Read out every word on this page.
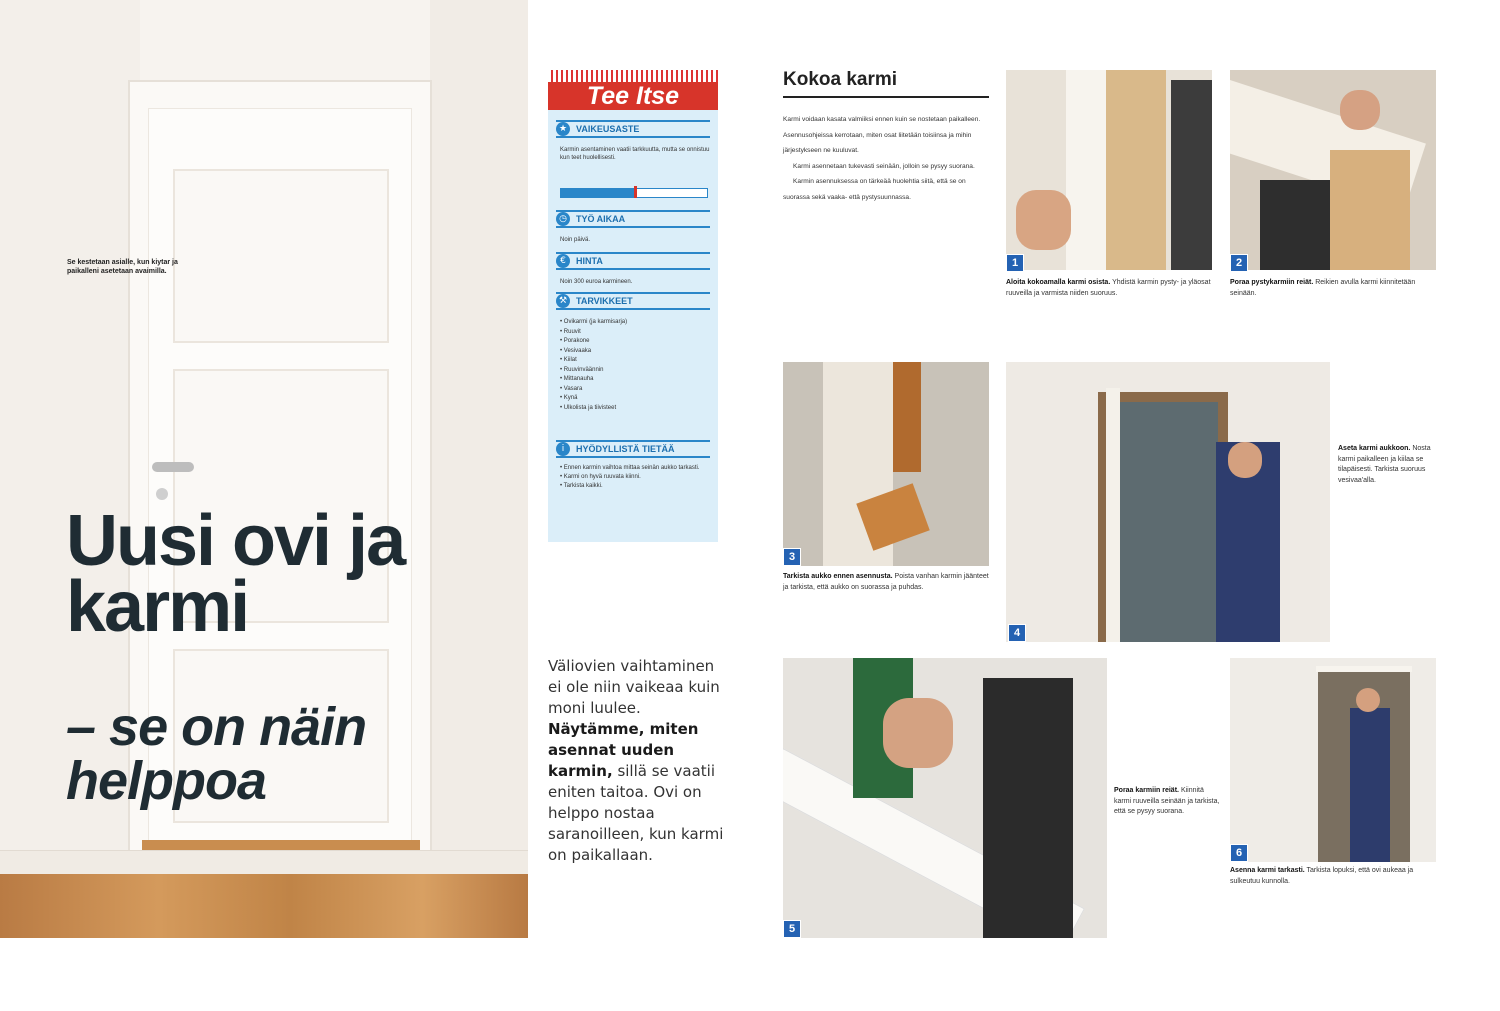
Se kestetaan asialle, kun kiytar ja paikalleni asetetaan avaimilla.
Uusi ovi ja karmi
– se on näin helppoa
Tee Itse
★ VAIKEUSASTE
Karmin asentaminen vaatii tarkkuutta, mutta se onnistuu kun teet huolellisesti.
◷ TYÖ AIKAA
Noin päivä.
€ HINTA
Noin 300 euroa karmineen.
⚒ TARVIKKEET
• Ovikarmi (ja karmisarja)
• Ruuvit
• Porakone
• Vesivaaka
• Kiilat
• Ruuvinväännin
• Mittanauha
• Vasara
• Kynä
• Ulkolista ja tiivisteet
i HYÖDYLLISTÄ TIETÄÄ
• Ennen karmin vaihtoa mittaa seinän aukko tarkasti.
• Karmi on hyvä ruuvata kiinni.
• Tarkista kaikki.
Väliovien vaihtaminen ei ole niin vaikeaa kuin moni luulee. Näytämme, miten asennat uuden karmin, sillä se vaatii eniten taitoa. Ovi on helppo nostaa saranoilleen, kun karmi on paikallaan.
Kokoa karmi

Karmi voidaan kasata valmiiksi ennen kuin se nostetaan paikalleen. Asennusohjeissa kerrotaan, miten osat liitetään toisiinsa ja mihin järjestykseen ne kuuluvat.

Karmi asennetaan tukevasti seinään, jolloin se pysyy suorana.

Karmin asennuksessa on tärkeää huolehtia siitä, että se on suorassa sekä vaaka- että pystysuunnassa.

1
Aloita kokoamalla karmi osista. Yhdistä karmin pysty- ja yläosat ruuveilla ja varmista niiden suoruus.
2
Poraa pystykarmiin reiät. Reikien avulla karmi kiinnitetään seinään.
3
Tarkista aukko ennen asennusta. Poista vanhan karmin jäänteet ja tarkista, että aukko on suorassa ja puhdas.
4
Aseta karmi aukkoon. Nosta karmi paikalleen ja kiilaa se tilapäisesti. Tarkista suoruus vesivaa'alla.
5
Poraa karmiin reiät. Kiinnitä karmi ruuveilla seinään ja tarkista, että se pysyy suorana.
6
Asenna karmi tarkasti. Tarkista lopuksi, että ovi aukeaa ja sulkeutuu kunnolla.
